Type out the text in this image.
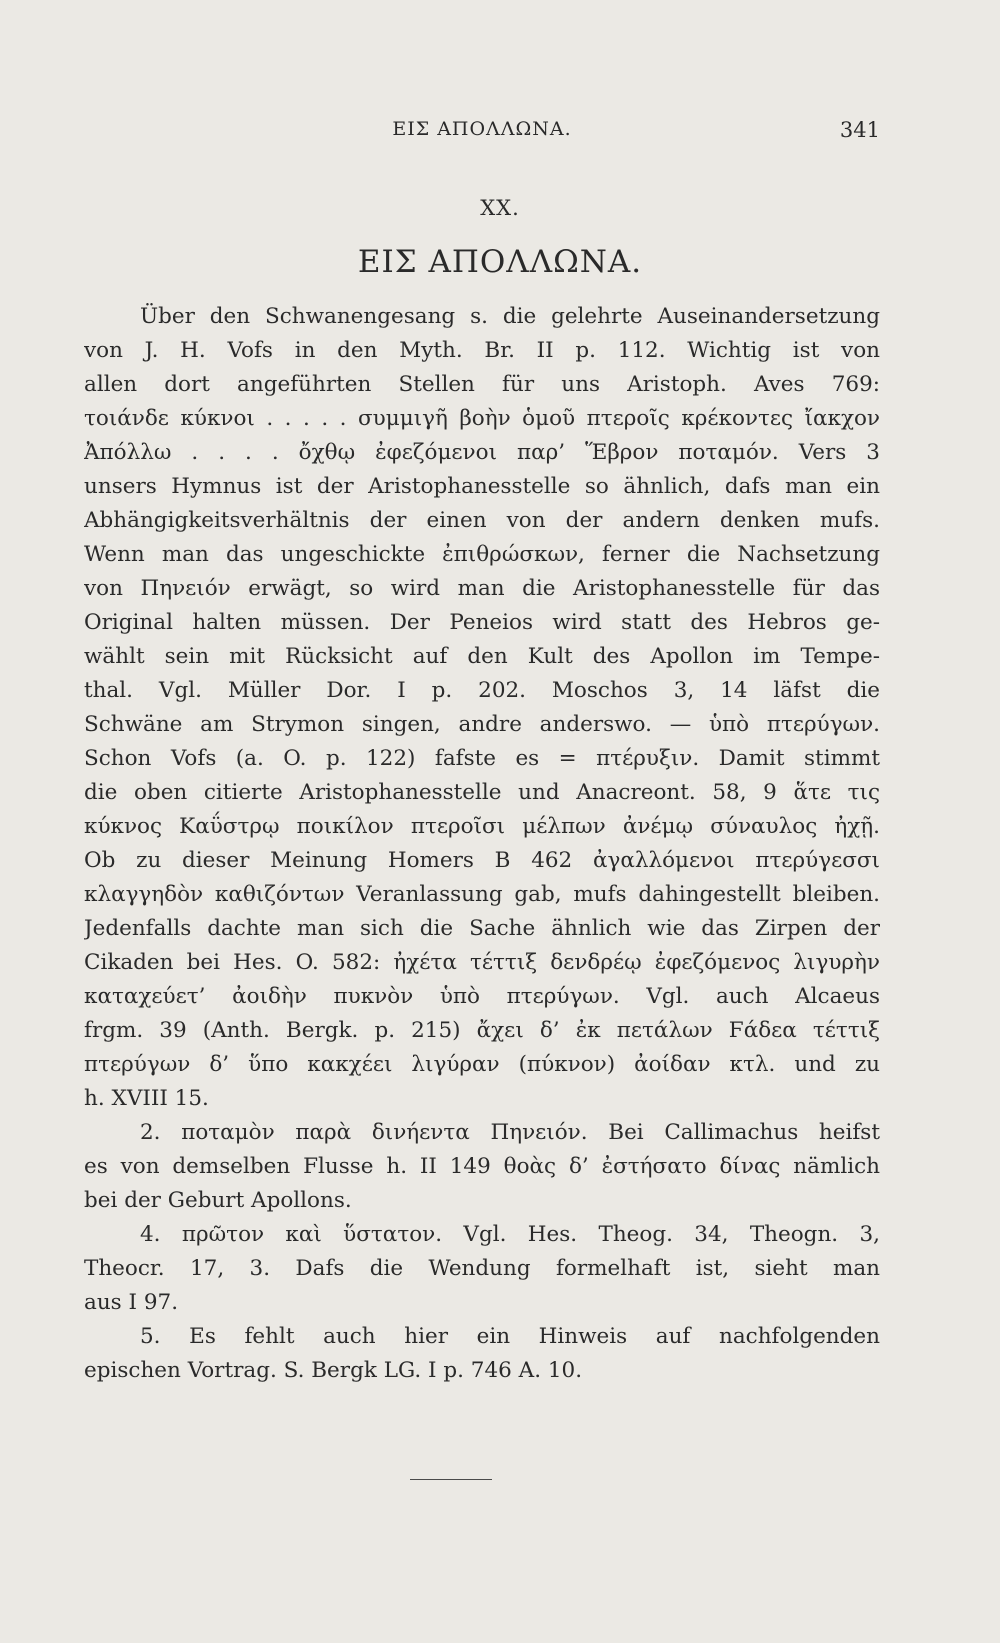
ΕΙΣ ΑΠΟΛΛΩΝΑ.	341
XX.
ΕΙΣ ΑΠΟΛΛΩΝΑ.
Über den Schwanengesang s. die gelehrte Auseinandersetzung
von J. H. Vofs in den Myth. Br. II p. 112. Wichtig ist von
allen dort angeführten Stellen für uns Aristoph. Aves 769:
τοιάνδε κύκνοι . . . . . συμμιγῆ βοὴν ὁμοῦ πτεροῖς κρέκοντες ἴακχον
Ἀπόλλω . . . . ὄχθῳ ἐφεζόμενοι παρ’ Ἕβρον ποταμόν. Vers 3
unsers Hymnus ist der Aristophanesstelle so ähnlich, dafs man ein
Abhängigkeitsverhältnis der einen von der andern denken mufs.
Wenn man das ungeschickte ἐπιθρώσκων, ferner die Nachsetzung
von Πηνειόν erwägt, so wird man die Aristophanesstelle für das
Original halten müssen. Der Peneios wird statt des Hebros ge-
wählt sein mit Rücksicht auf den Kult des Apollon im Tempe-
thal. Vgl. Müller Dor. I p. 202. Moschos 3, 14 läfst die
Schwäne am Strymon singen, andre anderswo. — ὑπὸ πτερύγων.
Schon Vofs (a. O. p. 122) fafste es = πτέρυξιν. Damit stimmt
die oben citierte Aristophanesstelle und Anacreont. 58, 9 ἅτε τις
κύκνος Καΰστρῳ ποικίλον πτεροῖσι μέλπων ἀνέμῳ σύναυλος ἠχῇ.
Ob zu dieser Meinung Homers B 462 ἀγαλλόμενοι πτερύγεσσι
κλαγγηδὸν καθιζόντων Veranlassung gab, mufs dahingestellt bleiben.
Jedenfalls dachte man sich die Sache ähnlich wie das Zirpen der
Cikaden bei Hes. O. 582: ἠχέτα τέττιξ δενδρέῳ ἐφεζόμενος λιγυρὴν
καταχεύετ’ ἀοιδὴν πυκνὸν ὑπὸ πτερύγων. Vgl. auch Alcaeus
frgm. 39 (Anth. Bergk. p. 215) ἄχει δ’ ἐκ πετάλων Ϝάδεα τέττιξ
πτερύγων δ’ ὕπο κακχέει λιγύραν (πύκνον) ἀοίδαν κτλ. und zu
h. XVIII 15.
2. ποταμὸν παρὰ δινήεντα Πηνειόν. Bei Callimachus heifst
es von demselben Flusse h. II 149 θοὰς δ’ ἐστήσατο δίνας nämlich
bei der Geburt Apollons.
4. πρῶτον καὶ ὕστατον. Vgl. Hes. Theog. 34, Theogn. 3,
Theocr. 17, 3. Dafs die Wendung formelhaft ist, sieht man
aus Ι 97.
5. Es fehlt auch hier ein Hinweis auf nachfolgenden
epischen Vortrag. S. Bergk LG. I p. 746 A. 10.
